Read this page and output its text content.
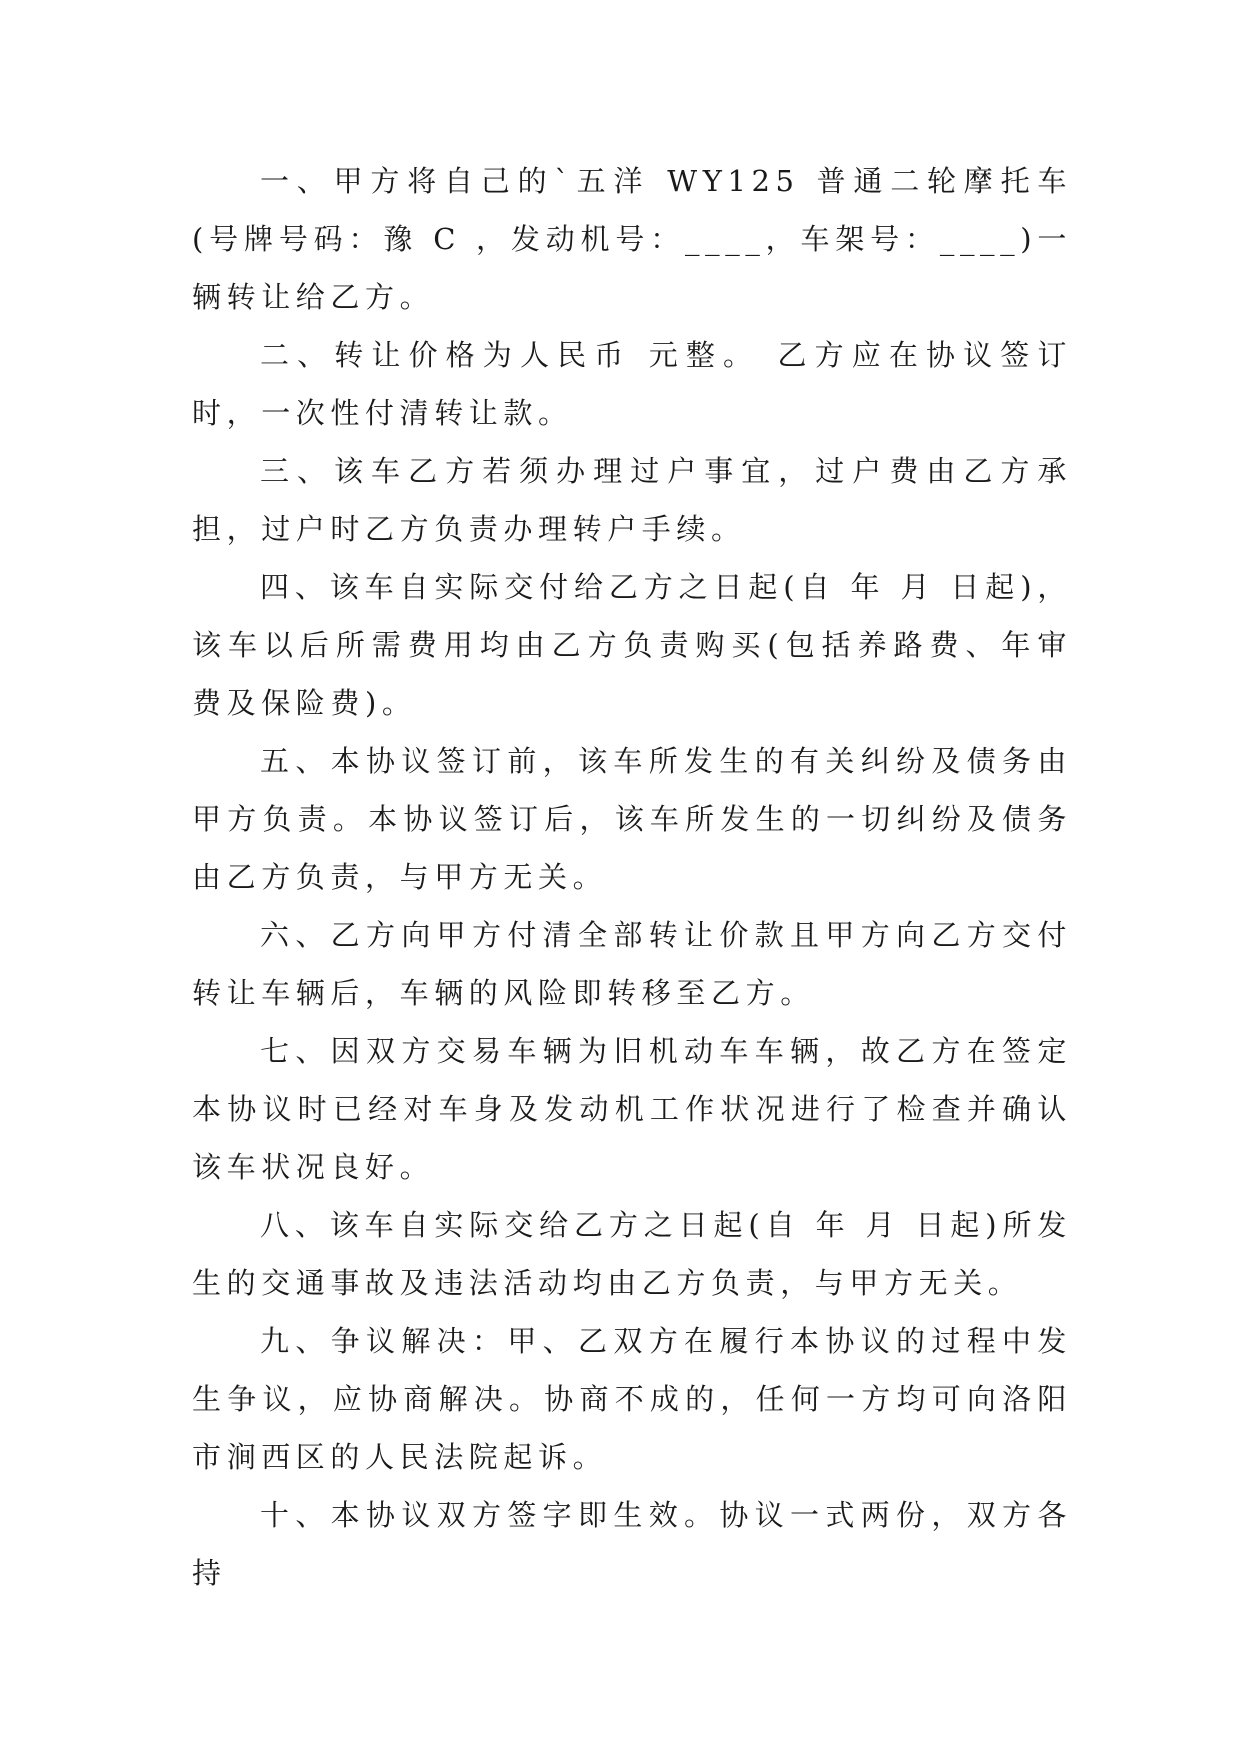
一、甲方将自己的`五洋 WY125 普通二轮摩托车(号牌号码：豫 C ，发动机号：____，车架号：____)一辆转让给乙方。

二、转让价格为人民币 元整。 乙方应在协议签订时，一次性付清转让款。

三、该车乙方若须办理过户事宜，过户费由乙方承担，过户时乙方负责办理转户手续。

四、该车自实际交付给乙方之日起(自 年 月 日起)，该车以后所需费用均由乙方负责购买(包括养路费、年审费及保险费)。

五、本协议签订前，该车所发生的有关纠纷及债务由甲方负责。本协议签订后，该车所发生的一切纠纷及债务由乙方负责，与甲方无关。

六、乙方向甲方付清全部转让价款且甲方向乙方交付转让车辆后，车辆的风险即转移至乙方。

七、因双方交易车辆为旧机动车车辆，故乙方在签定本协议时已经对车身及发动机工作状况进行了检查并确认该车状况良好。

八、该车自实际交给乙方之日起(自 年 月 日起)所发生的交通事故及违法活动均由乙方负责，与甲方无关。

九、争议解决：甲、乙双方在履行本协议的过程中发生争议，应协商解决。协商不成的，任何一方均可向洛阳市涧西区的人民法院起诉。

十、本协议双方签字即生效。协议一式两份，双方各持
